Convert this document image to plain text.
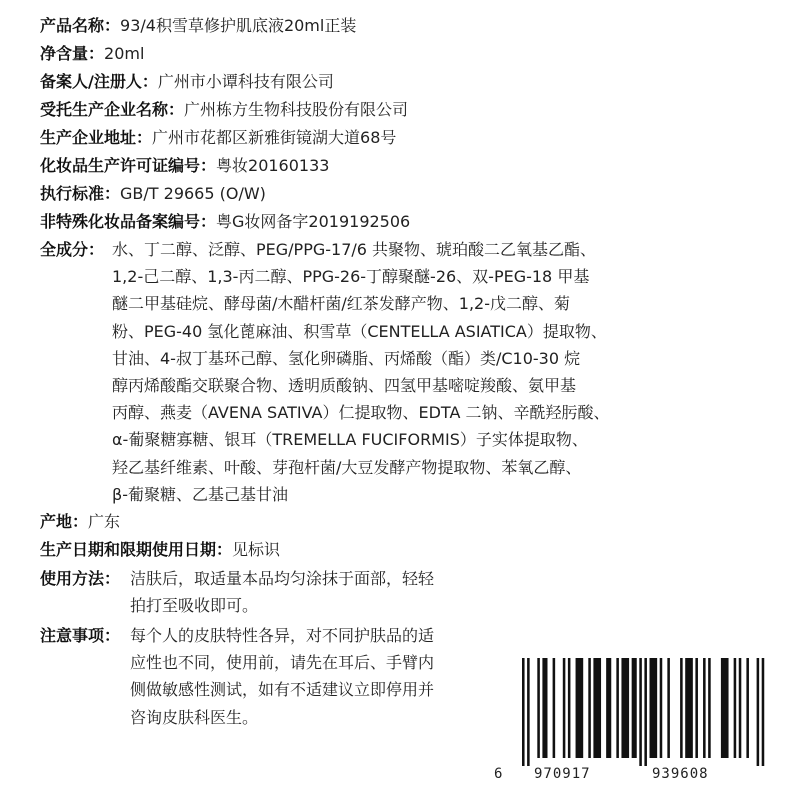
产品名称：93/4积雪草修护肌底液20ml正装
净含量：20ml
备案人/注册人：广州市小谭科技有限公司
受托生产企业名称：广州栋方生物科技股份有限公司
生产企业地址：广州市花都区新雅街镜湖大道68号
化妆品生产许可证编号：粤妆20160133
执行标准：GB/T 29665 (O/W)
非特殊化妆品备案编号：粤G妆网备字2019192506
全成分： 水、丁二醇、泛醇、PEG/PPG-17/6 共聚物、琥珀酸二乙氧基乙酯、
1,2-己二醇、1,3-丙二醇、PPG-26-丁醇聚醚-26、双-PEG-18 甲基
醚二甲基硅烷、酵母菌/木醋杆菌/红茶发酵产物、1,2-戊二醇、菊
粉、PEG-40 氢化蓖麻油、积雪草（CENTELLA ASIATICA）提取物、
甘油、4-叔丁基环己醇、氢化卵磷脂、丙烯酸（酯）类/C10-30 烷
醇丙烯酸酯交联聚合物、透明质酸钠、四氢甲基嘧啶羧酸、氨甲基
丙醇、燕麦（AVENA SATIVA）仁提取物、EDTA 二钠、辛酰羟肟酸、
α-葡聚糖寡糖、银耳（TREMELLA FUCIFORMIS）子实体提取物、
羟乙基纤维素、叶酸、芽孢杆菌/大豆发酵产物提取物、苯氧乙醇、
β-葡聚糖、乙基己基甘油
产地：广东
生产日期和限期使用日期：见标识
使用方法： 洁肤后，取适量本品均匀涂抹于面部，轻轻
拍打至吸收即可。
注意事项： 每个人的皮肤特性各异，对不同护肤品的适
应性也不同，使用前，请先在耳后、手臂内
侧做敏感性测试，如有不适建议立即停用并
咨询皮肤科医生。
6 970917	939608
